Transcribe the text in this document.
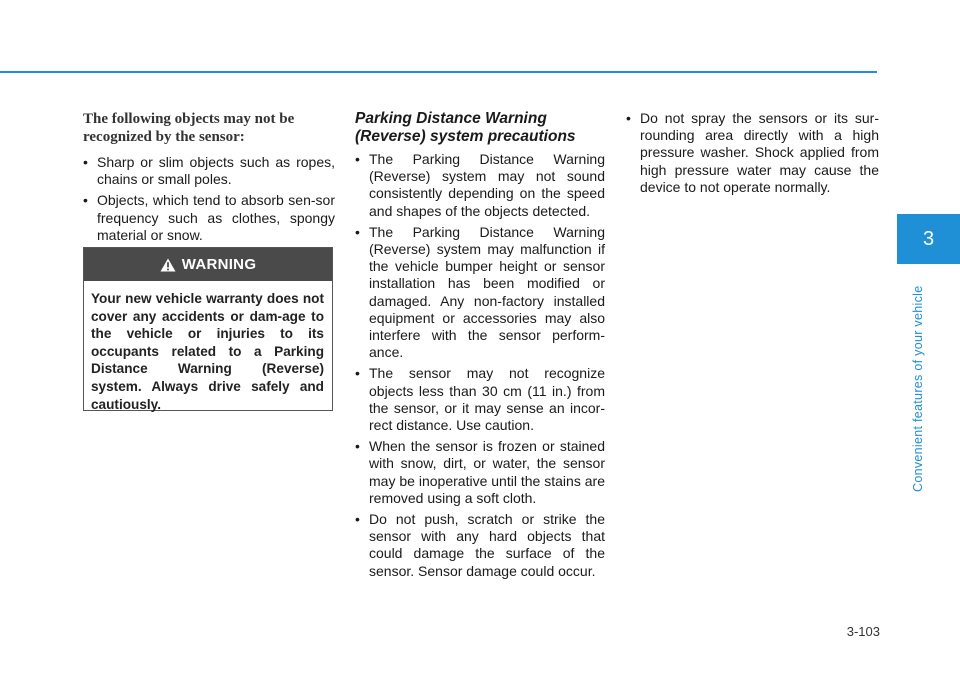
The following objects may not be recognized by the sensor:
• Sharp or slim objects such as ropes, chains or small poles.
• Objects, which tend to absorb sen-sor frequency such as clothes, spongy material or snow.
WARNING
Your new vehicle warranty does not cover any accidents or dam-age to the vehicle or injuries to its occupants related to a Parking Distance Warning (Reverse) system. Always drive safely and cautiously.
Parking Distance Warning (Reverse) system precautions
• The Parking Distance Warning (Reverse) system may not sound consistently depending on the speed and shapes of the objects detected.
• The Parking Distance Warning (Reverse) system may malfunction if the vehicle bumper height or sensor installation has been modified or damaged. Any non-factory installed equipment or accessories may also interfere with the sensor perform-ance.
• The sensor may not recognize objects less than 30 cm (11 in.) from the sensor, or it may sense an incor-rect distance. Use caution.
• When the sensor is frozen or stained with snow, dirt, or water, the sensor may be inoperative until the stains are removed using a soft cloth.
• Do not push, scratch or strike the sensor with any hard objects that could damage the surface of the sensor. Sensor damage could occur.
• Do not spray the sensors or its sur-rounding area directly with a high pressure washer. Shock applied from high pressure water may cause the device to not operate normally.
3
Convenient features of your vehicle
3-103
